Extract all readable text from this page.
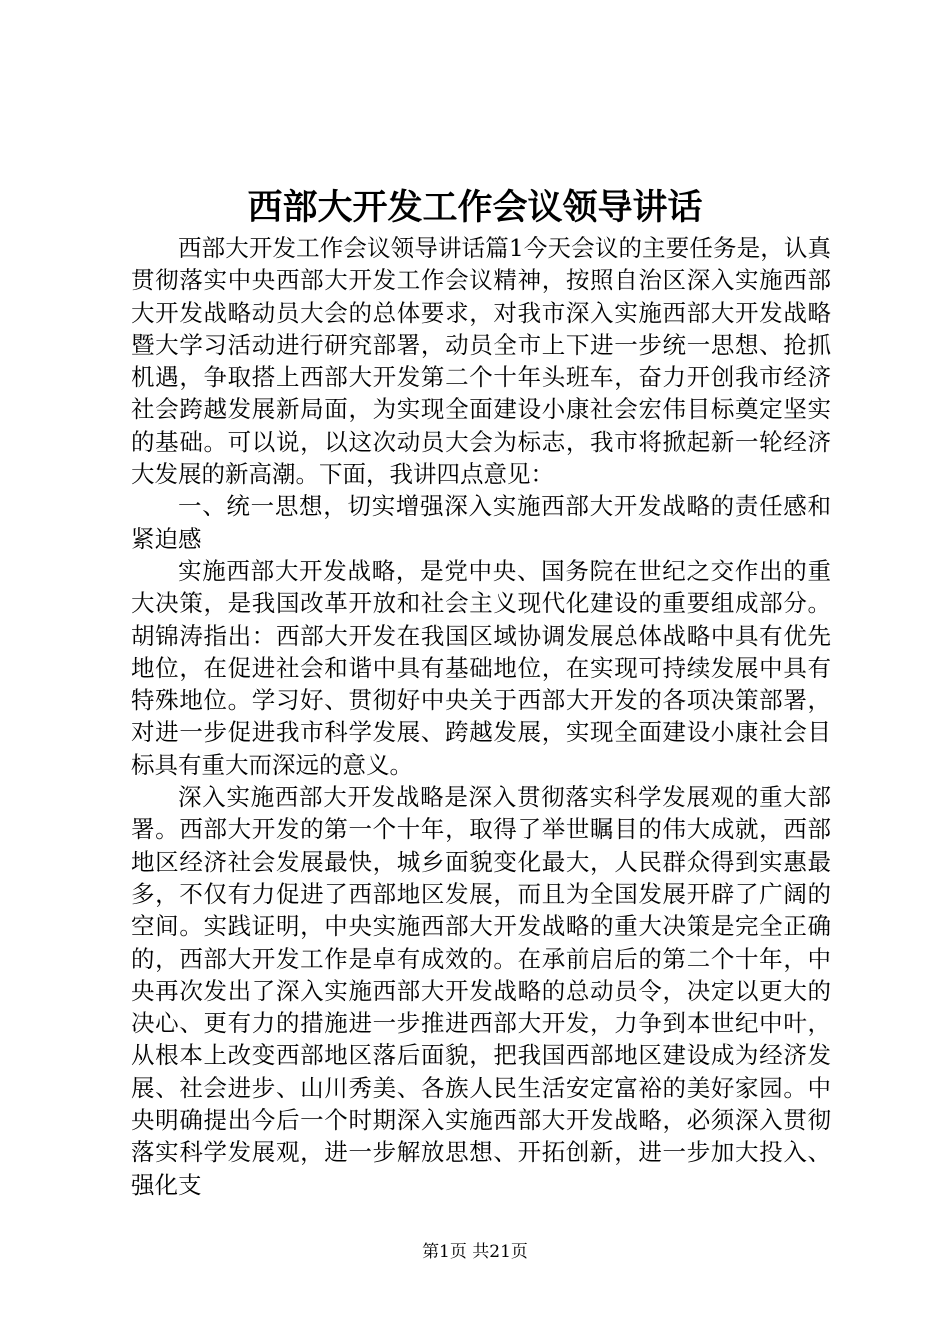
西部大开发工作会议领导讲话

西部大开发工作会议领导讲话篇1今天会议的主要任务是，认真贯彻落实中央西部大开发工作会议精神，按照自治区深入实施西部大开发战略动员大会的总体要求，对我市深入实施西部大开发战略暨大学习活动进行研究部署，动员全市上下进一步统一思想、抢抓机遇，争取搭上西部大开发第二个十年头班车，奋力开创我市经济社会跨越发展新局面，为实现全面建设小康社会宏伟目标奠定坚实的基础。可以说，以这次动员大会为标志，我市将掀起新一轮经济大发展的新高潮。下面，我讲四点意见：

一、统一思想，切实增强深入实施西部大开发战略的责任感和紧迫感

实施西部大开发战略，是党中央、国务院在世纪之交作出的重大决策，是我国改革开放和社会主义现代化建设的重要组成部分。胡锦涛指出：西部大开发在我国区域协调发展总体战略中具有优先地位，在促进社会和谐中具有基础地位，在实现可持续发展中具有特殊地位。学习好、贯彻好中央关于西部大开发的各项决策部署，对进一步促进我市科学发展、跨越发展，实现全面建设小康社会目标具有重大而深远的意义。

深入实施西部大开发战略是深入贯彻落实科学发展观的重大部署。西部大开发的第一个十年，取得了举世瞩目的伟大成就，西部地区经济社会发展最快，城乡面貌变化最大，人民群众得到实惠最多，不仅有力促进了西部地区发展，而且为全国发展开辟了广阔的空间。实践证明，中央实施西部大开发战略的重大决策是完全正确的，西部大开发工作是卓有成效的。在承前启后的第二个十年，中央再次发出了深入实施西部大开发战略的总动员令，决定以更大的决心、更有力的措施进一步推进西部大开发，力争到本世纪中叶，从根本上改变西部地区落后面貌，把我国西部地区建设成为经济发展、社会进步、山川秀美、各族人民生活安定富裕的美好家园。中央明确提出今后一个时期深入实施西部大开发战略，必须深入贯彻落实科学发展观，进一步解放思想、开拓创新，进一步加大投入、强化支

第1页 共21页
